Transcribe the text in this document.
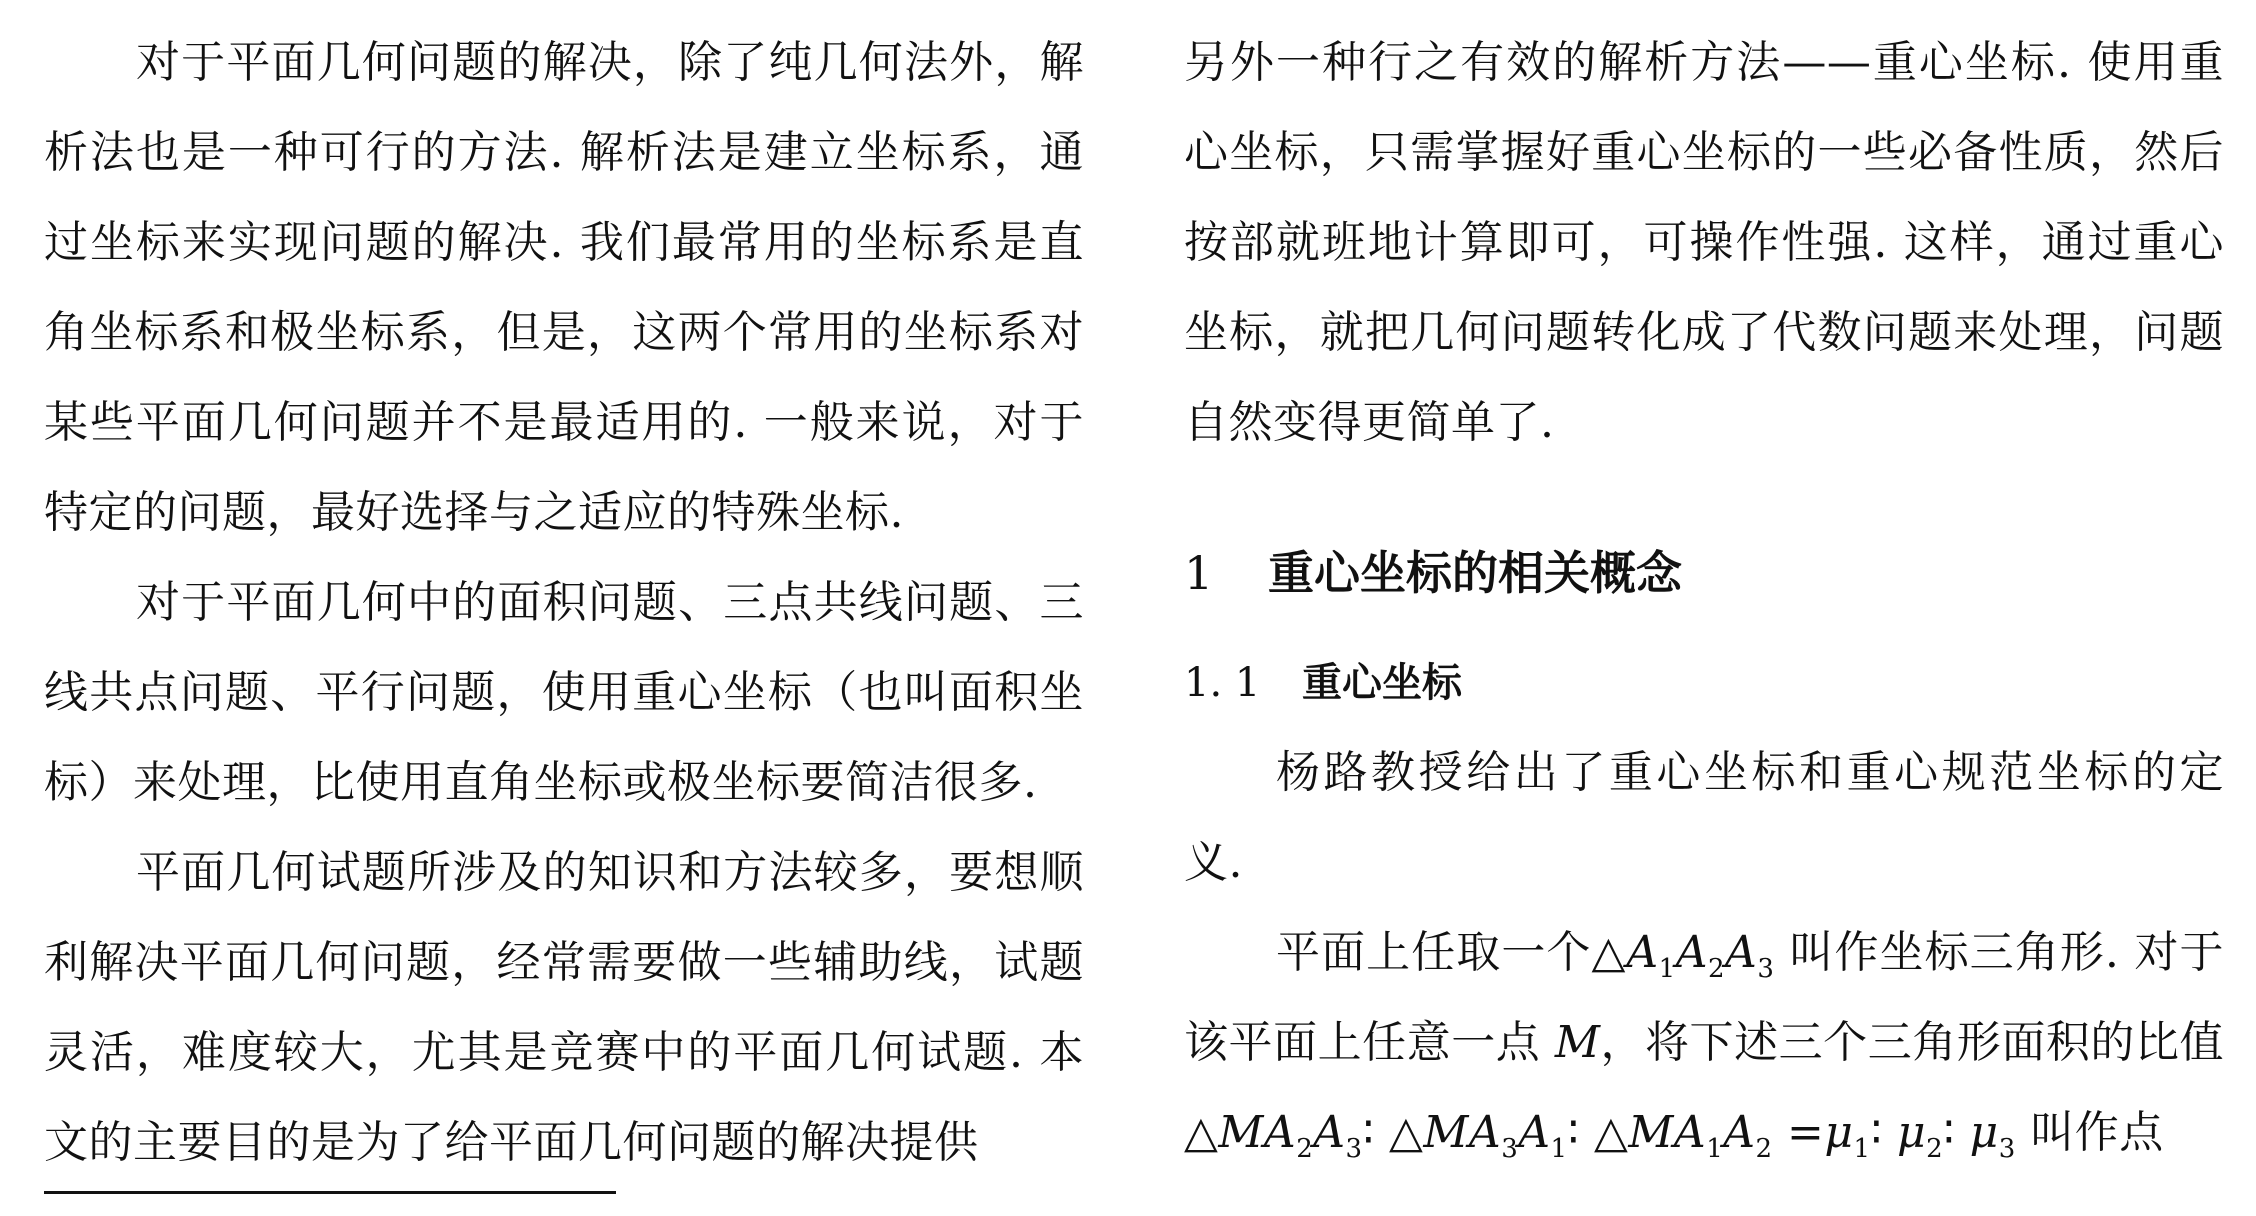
对于平面几何问题的解决，除了纯几何法外，解析法也是一种可行的方法. 解析法是建立坐标系，通过坐标来实现问题的解决. 我们最常用的坐标系是直角坐标系和极坐标系，但是，这两个常用的坐标系对某些平面几何问题并不是最适用的. 一般来说，对于特定的问题，最好选择与之适应的特殊坐标.

对于平面几何中的面积问题、三点共线问题、三线共点问题、平行问题，使用重心坐标（也叫面积坐标）来处理，比使用直角坐标或极坐标要简洁很多.

平面几何试题所涉及的知识和方法较多，要想顺利解决平面几何问题，经常需要做一些辅助线，试题灵活，难度较大，尤其是竞赛中的平面几何试题. 本文的主要目的是为了给平面几何问题的解决提供

另外一种行之有效的解析方法——重心坐标. 使用重心坐标，只需掌握好重心坐标的一些必备性质，然后按部就班地计算即可，可操作性强. 这样，通过重心坐标，就把几何问题转化成了代数问题来处理，问题自然变得更简单了.

1	重心坐标的相关概念
1. 1	重心坐标

杨路教授给出了重心坐标和重心规范坐标的定义.

平面上任取一个$\triangle A_1A_2A_3$ 叫作坐标三角形. 对于该平面上任意一点 M，将下述三个三角形面积的比值$\triangle MA_2A_3∶$ $\triangle MA_3A_1∶$ $\triangle MA_1A_2$ $=\mu_1∶$ $\mu_2∶$ $\mu_3$ 叫作点
